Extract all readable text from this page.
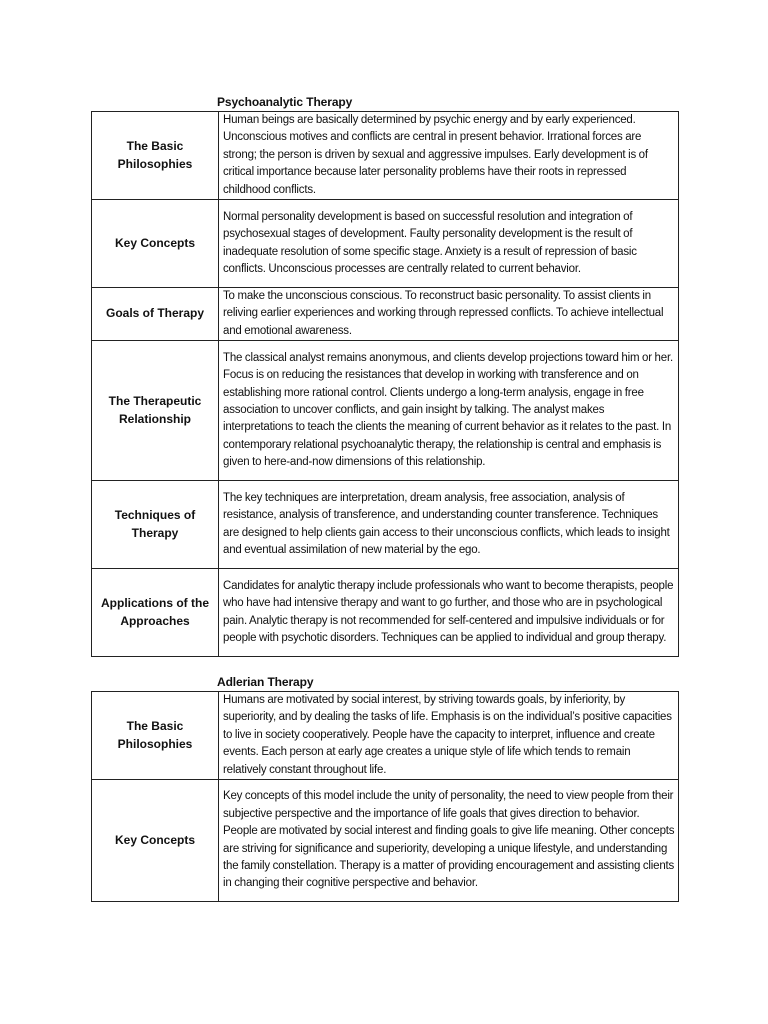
Psychoanalytic Therapy
The Basic Philosophies	Human beings are basically determined by psychic energy and by early experienced. Unconscious motives and conflicts are central in present behavior. Irrational forces are strong; the person is driven by sexual and aggressive impulses. Early development is of critical importance because later personality problems have their roots in repressed childhood conflicts.
Key Concepts	Normal personality development is based on successful resolution and integration of psychosexual stages of development. Faulty personality development is the result of inadequate resolution of some specific stage. Anxiety is a result of repression of basic conflicts. Unconscious processes are centrally related to current behavior.
Goals of Therapy	To make the unconscious conscious. To reconstruct basic personality. To assist clients in reliving earlier experiences and working through repressed conflicts. To achieve intellectual and emotional awareness.
The Therapeutic Relationship	The classical analyst remains anonymous, and clients develop projections toward him or her. Focus is on reducing the resistances that develop in working with transference and on establishing more rational control. Clients undergo a long-term analysis, engage in free association to uncover conflicts, and gain insight by talking. The analyst makes interpretations to teach the clients the meaning of current behavior as it relates to the past. In contemporary relational psychoanalytic therapy, the relationship is central and emphasis is given to here-and-now dimensions of this relationship.
Techniques of Therapy	The key techniques are interpretation, dream analysis, free association, analysis of resistance, analysis of transference, and understanding counter transference. Techniques are designed to help clients gain access to their unconscious conflicts, which leads to insight and eventual assimilation of new material by the ego.
Applications of the Approaches	Candidates for analytic therapy include professionals who want to become therapists, people who have had intensive therapy and want to go further, and those who are in psychological pain. Analytic therapy is not recommended for self-centered and impulsive individuals or for people with psychotic disorders. Techniques can be applied to individual and group therapy.
Adlerian Therapy
The Basic Philosophies	Humans are motivated by social interest, by striving towards goals, by inferiority, by superiority, and by dealing the tasks of life. Emphasis is on the individual’s positive capacities to live in society cooperatively. People have the capacity to interpret, influence and create events. Each person at early age creates a unique style of life which tends to remain relatively constant throughout life.
Key Concepts	Key concepts of this model include the unity of personality, the need to view people from their subjective perspective and the importance of life goals that gives direction to behavior. People are motivated by social interest and finding goals to give life meaning. Other concepts are striving for significance and superiority, developing a unique lifestyle, and understanding the family constellation. Therapy is a matter of providing encouragement and assisting clients in changing their cognitive perspective and behavior.
